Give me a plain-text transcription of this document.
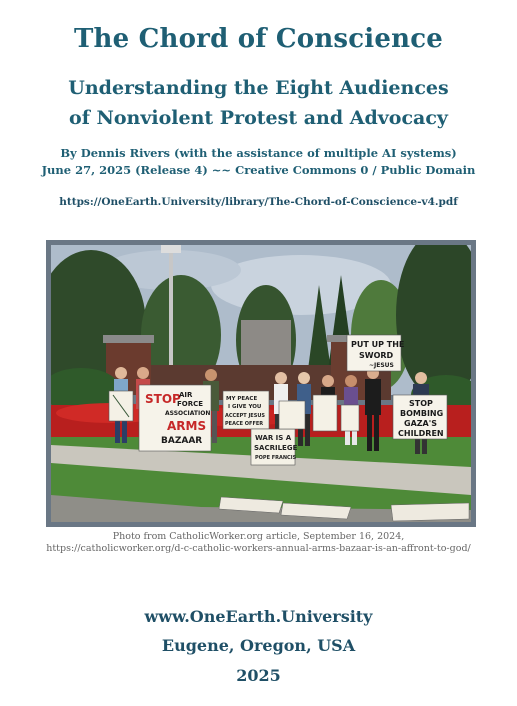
The Chord of Conscience
Understanding the Eight Audiences
of Nonviolent Protest and Advocacy
By Dennis Rivers (with the assistance of multiple AI systems)
June 27, 2025 (Release 4) ~~ Creative Commons 0 / Public Domain
https://OneEarth.University/library/The-Chord-of-Conscience-v4.pdf
STOP
AIR
FORCE
ASSOCIATION
ARMS
BAZAAR
MY PEACE
I GIVE YOU
ACCEPT JESUS
PEACE OFFER
WAR IS A
SACRILEGE
POPE FRANCIS
PUT UP THE
SWORD
~JESUS
STOP
BOMBING
GAZA'S
CHILDREN
Photo from CatholicWorker.org article, September 16, 2024,
https://catholicworker.org/d-c-catholic-workers-annual-arms-bazaar-is-an-affront-to-god/
www.OneEarth.University
Eugene, Oregon, USA
2025
